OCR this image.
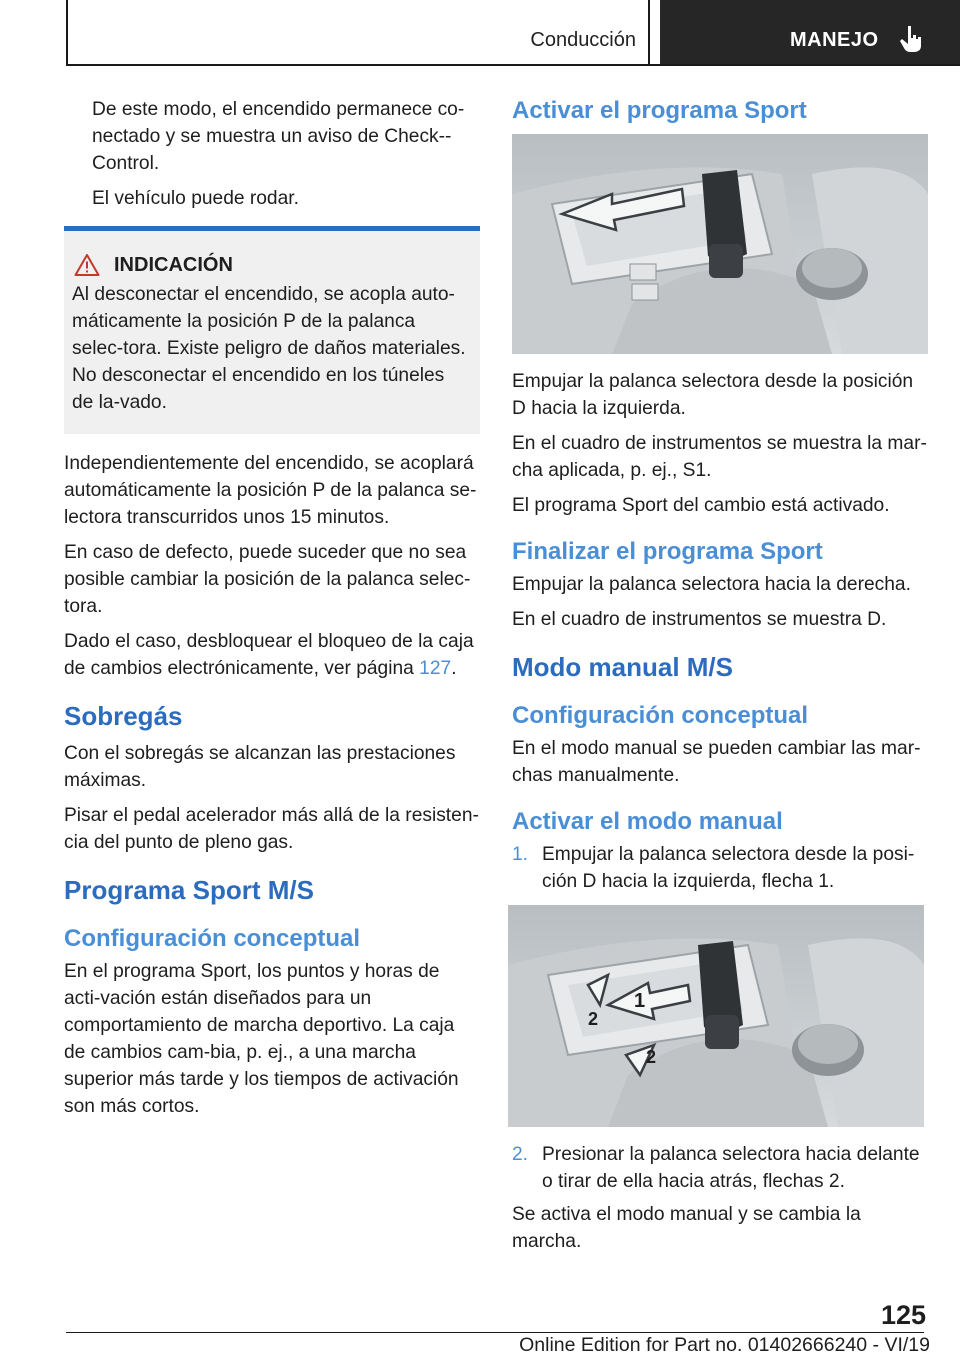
Conducción	MANEJO

De este modo, el encendido permanece co-nectado y se muestra un aviso de Check--Control.

El vehículo puede rodar.

INDICACIÓN

Al desconectar el encendido, se acopla auto-máticamente la posición P de la palanca selec-tora. Existe peligro de daños materiales. No desconectar el encendido en los túneles de la-vado.

Independientemente del encendido, se acoplará automáticamente la posición P de la palanca se-lectora transcurridos unos 15 minutos.

En caso de defecto, puede suceder que no sea posible cambiar la posición de la palanca selec-tora.

Dado el caso, desbloquear el bloqueo de la caja de cambios electrónicamente, ver página 127.

Sobregás

Con el sobregás se alcanzan las prestaciones máximas.

Pisar el pedal acelerador más allá de la resisten-cia del punto de pleno gas.

Programa Sport M/S
Configuración conceptual

En el programa Sport, los puntos y horas de acti-vación están diseñados para un comportamiento de marcha deportivo. La caja de cambios cam-bia, p. ej., a una marcha superior más tarde y los tiempos de activación son más cortos.

Activar el programa Sport

Empujar la palanca selectora desde la posición D hacia la izquierda.

En el cuadro de instrumentos se muestra la mar-cha aplicada, p. ej., S1.

El programa Sport del cambio está activado.

Finalizar el programa Sport

Empujar la palanca selectora hacia la derecha.

En el cuadro de instrumentos se muestra D.

Modo manual M/S
Configuración conceptual

En el modo manual se pueden cambiar las mar-chas manualmente.

Activar el modo manual
1. Empujar la palanca selectora desde la posi-ción D hacia la izquierda, flecha 1.
1
2
2
2. Presionar la palanca selectora hacia delante o tirar de ella hacia atrás, flechas 2.

Se activa el modo manual y se cambia la marcha.

125
Online Edition for Part no. 01402666240 - VI/19
